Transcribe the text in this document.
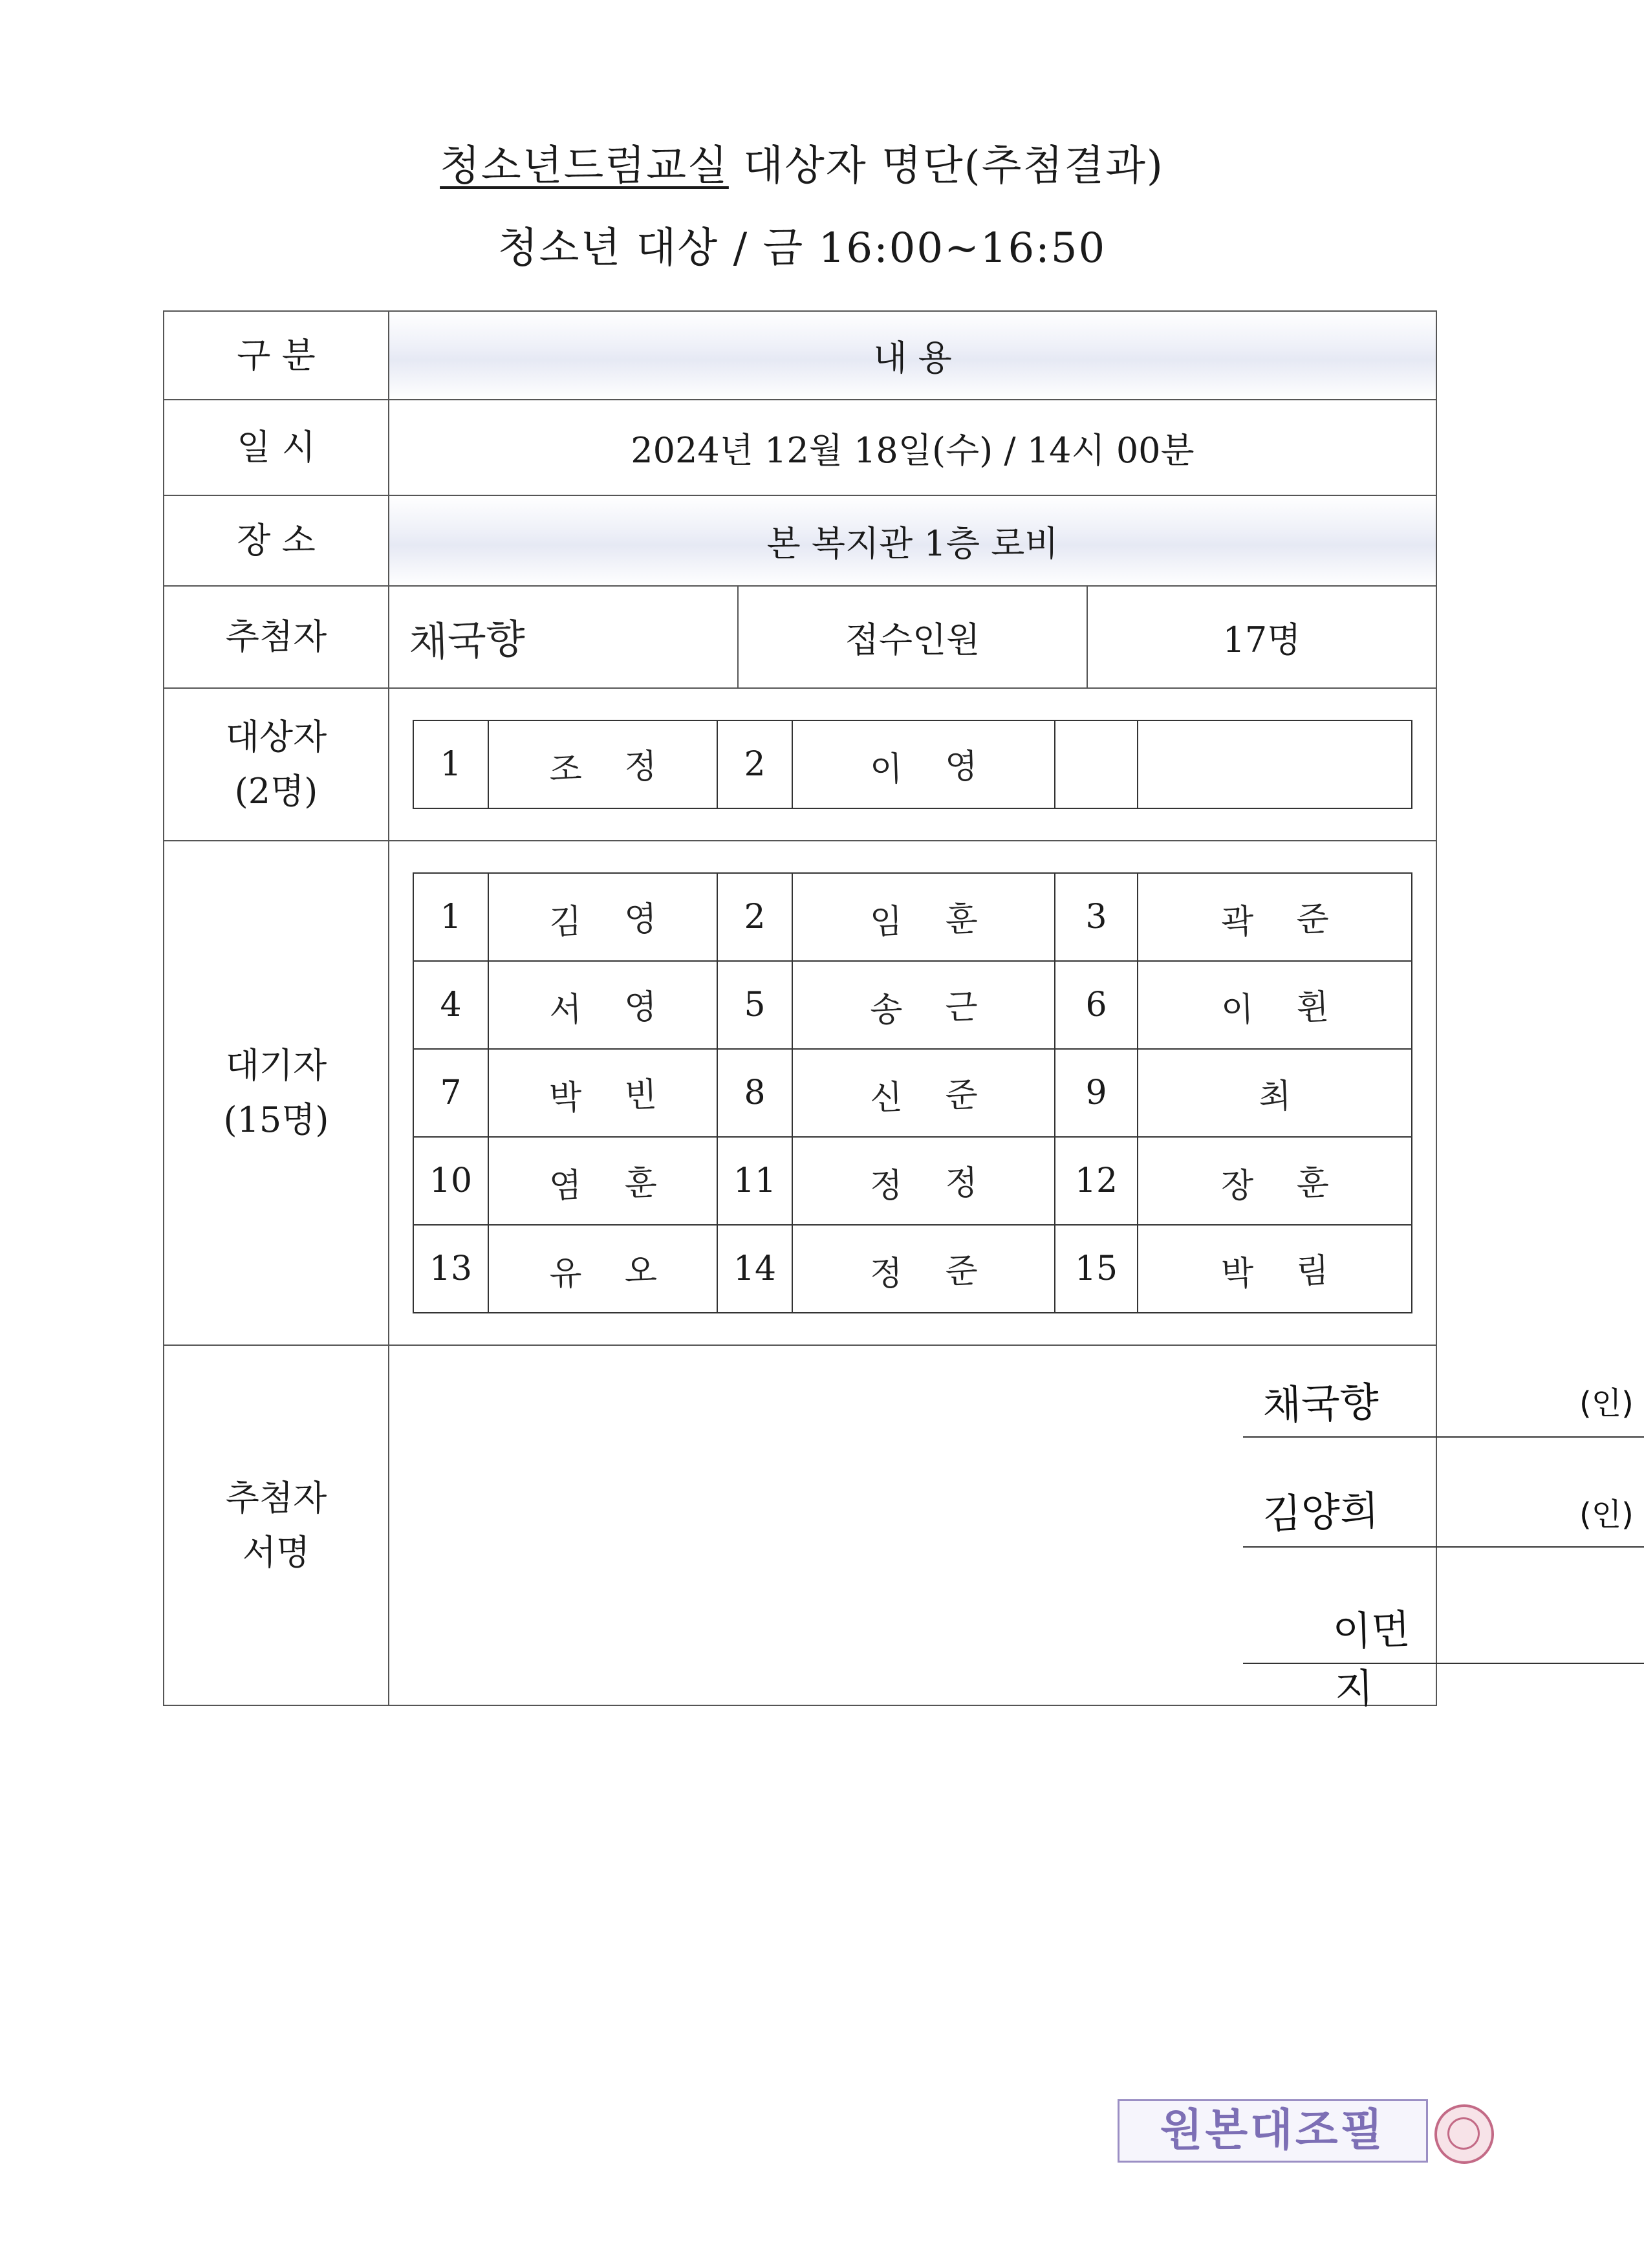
청소년드럼교실 대상자 명단(추첨결과)
청소년 대상 / 금 16:00~16:50
구 분	내 용
일 시	2024년 12월 18일(수) / 14시 00분
장 소	본 복지관 1층 로비
추첨자	채국향	접수인원	17명

대상자
(2명)

1	조    정	2	이    영		

대기자
(15명)

1	김    영	2	임    훈	3	곽    준
4	서    영	5	송    근	6	이    휜
7	박    빈	8	신    준	9	최
10	염    훈	11	정    정	12	장    훈
13	유    오	14	정    준	15	박    림

추첨자
서명

채국향	(인)
김양희	(인)
이먼지
원본대조필
